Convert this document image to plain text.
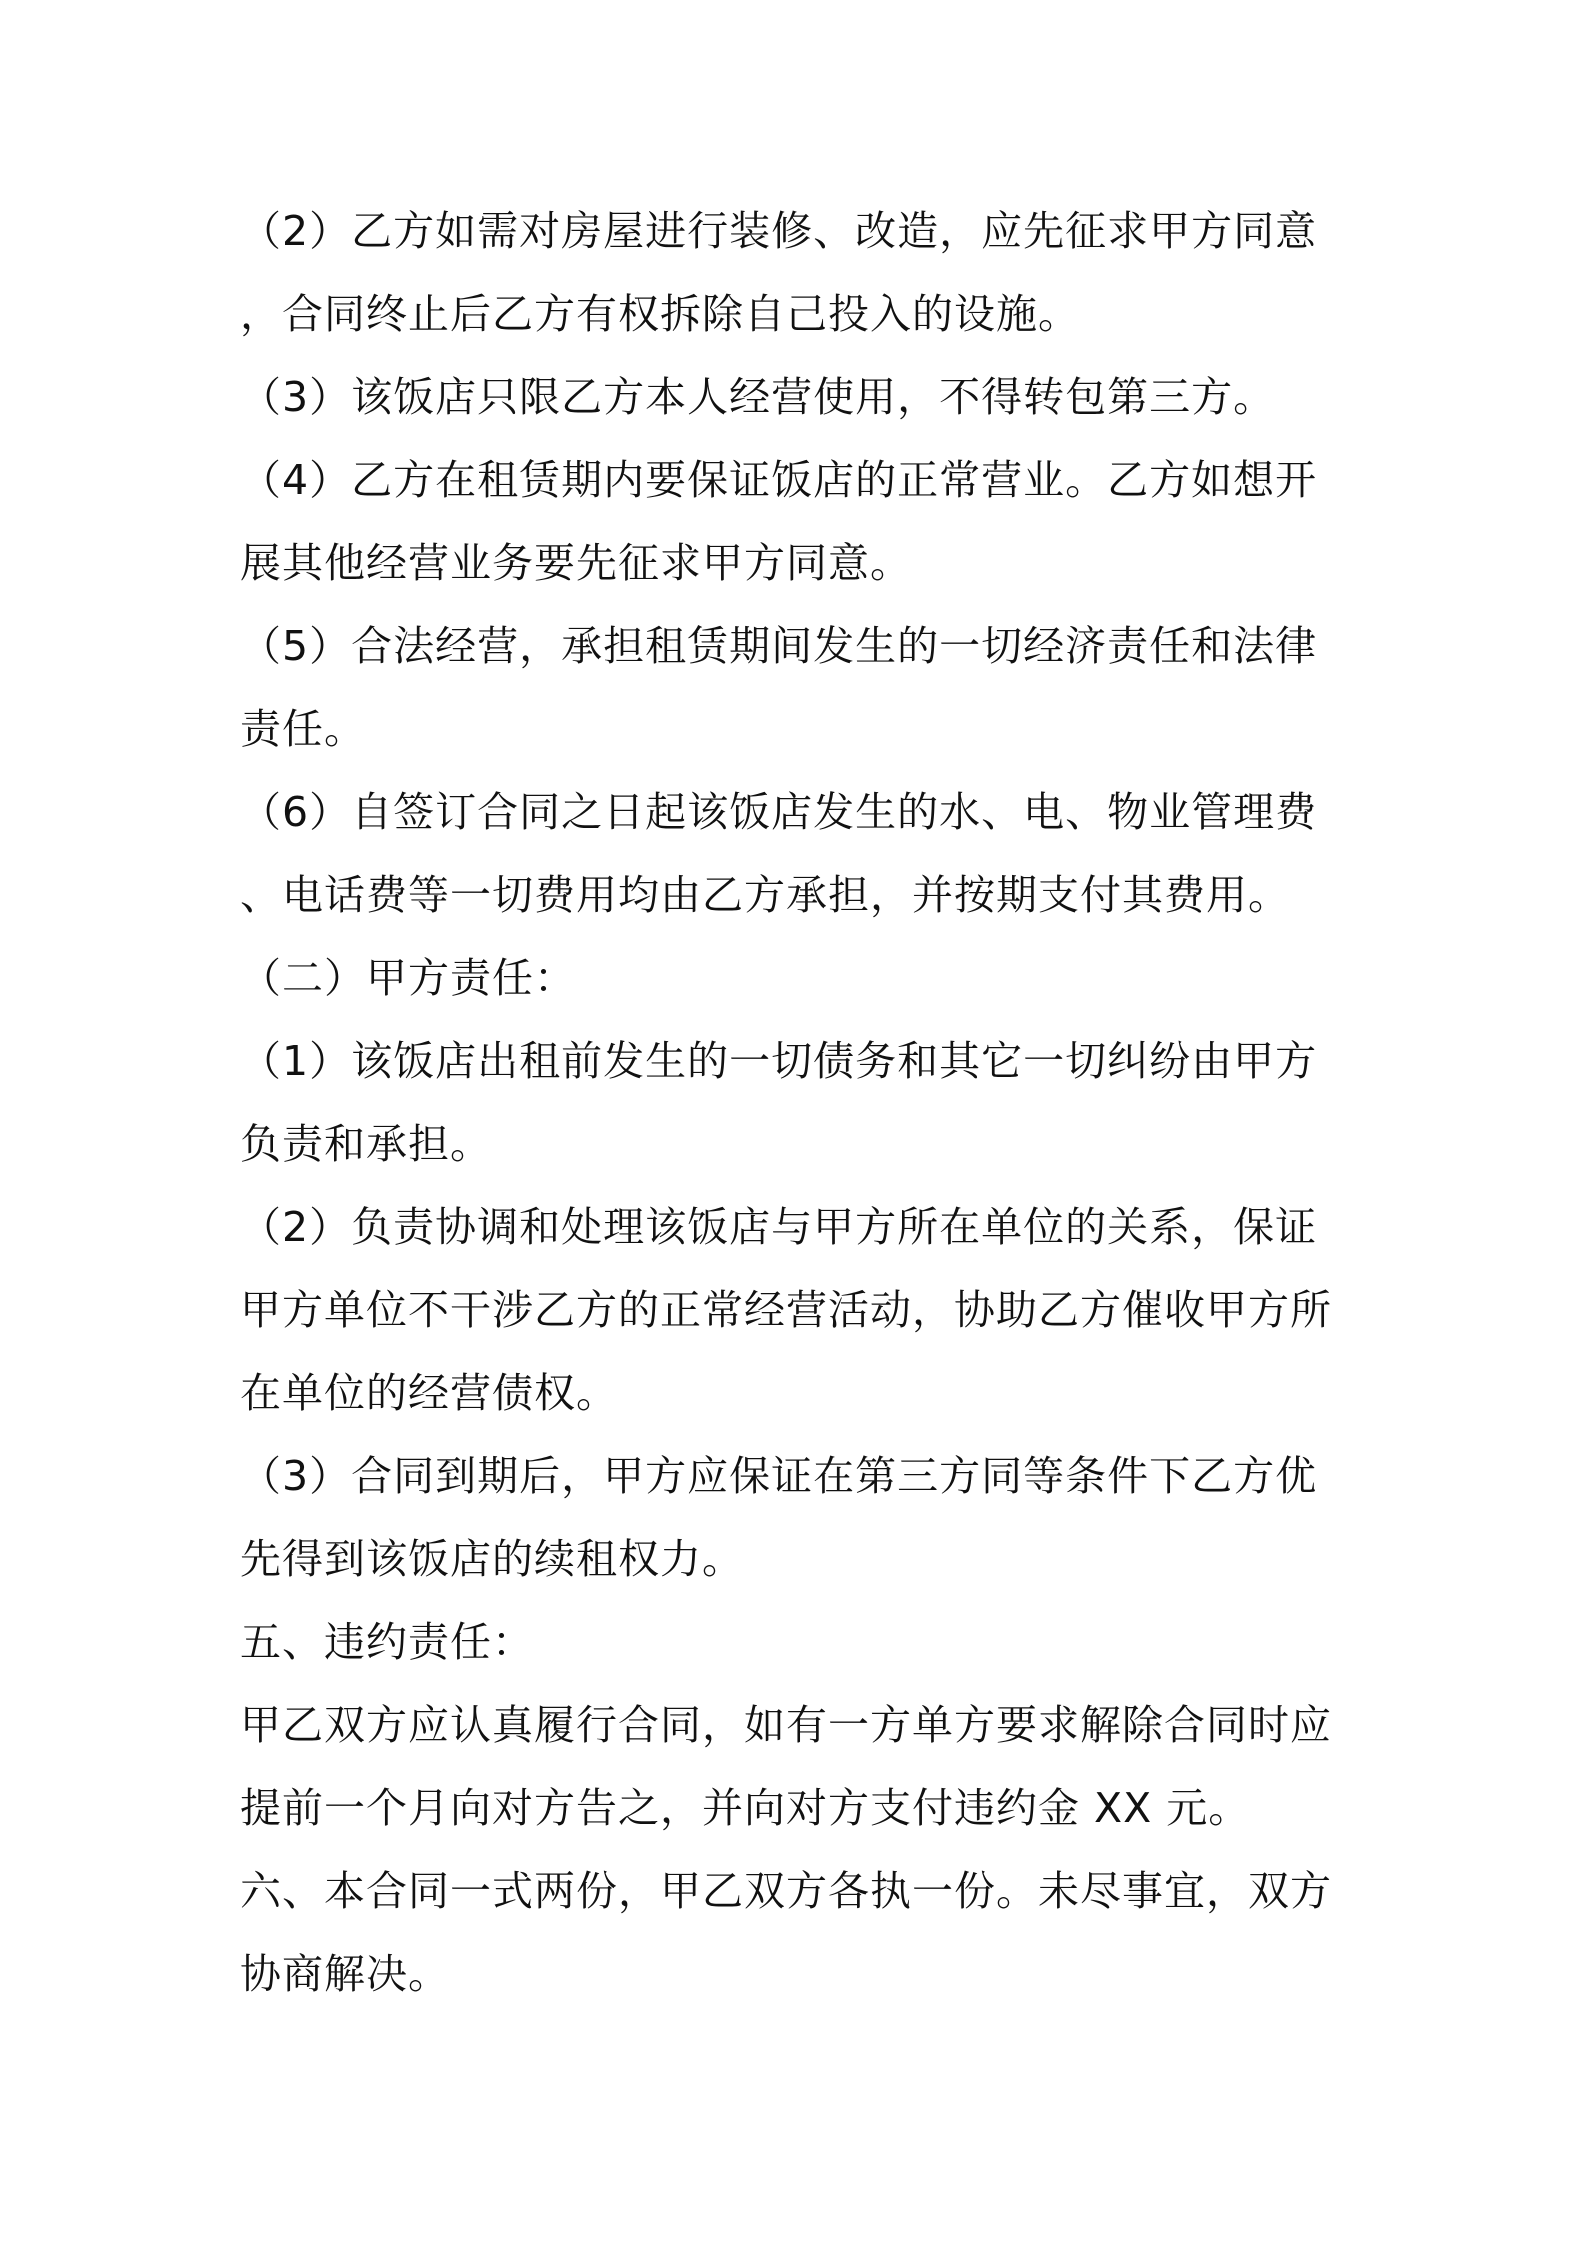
（2）乙方如需对房屋进行装修、改造，应先征求甲方同意
，合同终止后乙方有权拆除自己投入的设施。
（3）该饭店只限乙方本人经营使用，不得转包第三方。
（4）乙方在租赁期内要保证饭店的正常营业。乙方如想开
展其他经营业务要先征求甲方同意。
（5）合法经营，承担租赁期间发生的一切经济责任和法律
责任。
（6）自签订合同之日起该饭店发生的水、电、物业管理费
、电话费等一切费用均由乙方承担，并按期支付其费用。
（二）甲方责任：
（1）该饭店出租前发生的一切债务和其它一切纠纷由甲方
负责和承担。
（2）负责协调和处理该饭店与甲方所在单位的关系，保证
甲方单位不干涉乙方的正常经营活动，协助乙方催收甲方所
在单位的经营债权。
（3）合同到期后，甲方应保证在第三方同等条件下乙方优
先得到该饭店的续租权力。
五、违约责任：
甲乙双方应认真履行合同，如有一方单方要求解除合同时应
提前一个月向对方告之，并向对方支付违约金 XX 元。
六、本合同一式两份，甲乙双方各执一份。未尽事宜，双方
协商解决。
